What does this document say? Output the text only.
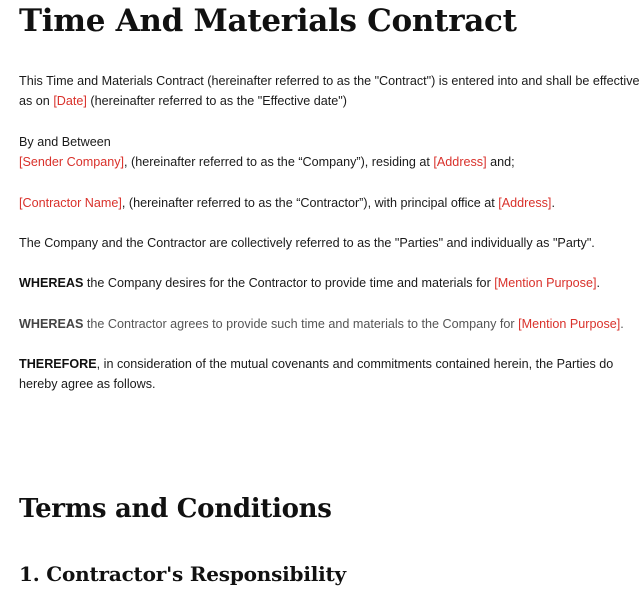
Time And Materials Contract

This Time and Materials Contract (hereinafter referred to as the "Contract") is entered into and shall be effective

as on [Date] (hereinafter referred to as the "Effective date")

By and Between

[Sender Company], (hereinafter referred to as the “Company”), residing at [Address] and;

[Contractor Name], (hereinafter referred to as the “Contractor”), with principal office at [Address].

The Company and the Contractor are collectively referred to as the "Parties" and individually as "Party".

WHEREAS the Company desires for the Contractor to provide time and materials for [Mention Purpose].

WHEREAS the Contractor agrees to provide such time and materials to the Company for [Mention Purpose].

THEREFORE, in consideration of the mutual covenants and commitments contained herein, the Parties do

hereby agree as follows.

Terms and Conditions
1. Contractor's Responsibility
